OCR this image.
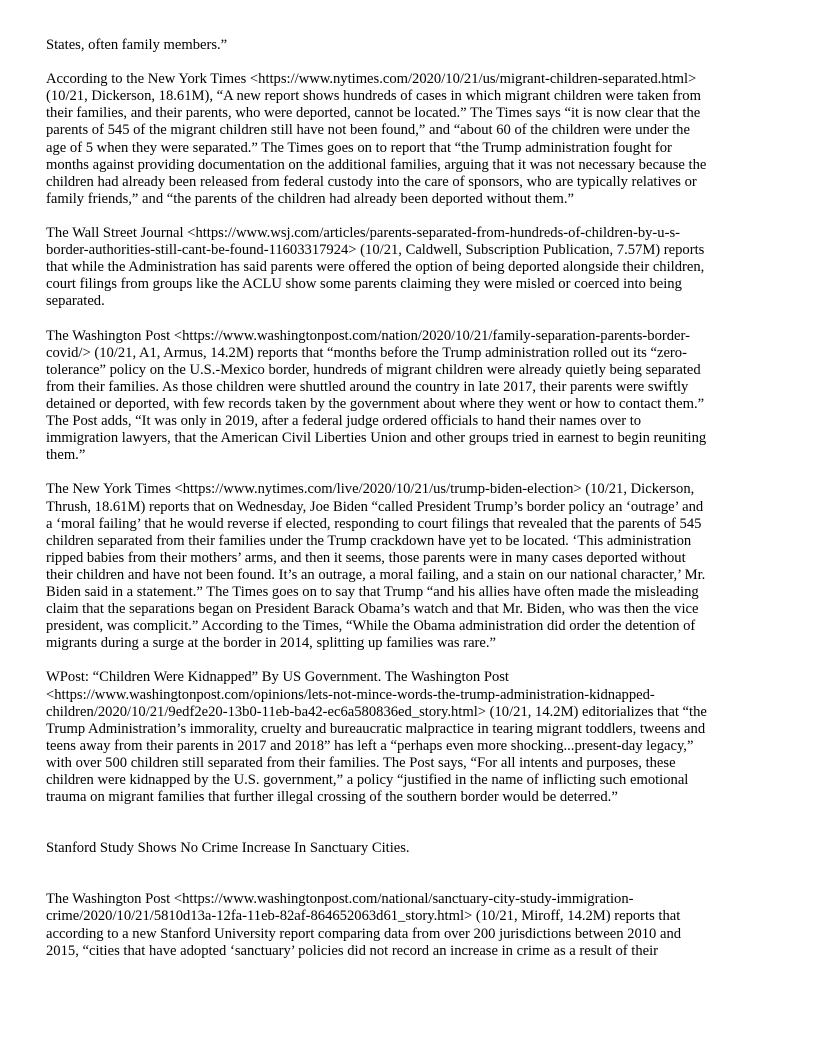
States, often family members.”

According to the New York Times <https://www.nytimes.com/2020/10/21/us/migrant-children-separated.html>
(10/21, Dickerson, 18.61M), “A new report shows hundreds of cases in which migrant children were taken from
their families, and their parents, who were deported, cannot be located.” The Times says “it is now clear that the
parents of 545 of the migrant children still have not been found,” and “about 60 of the children were under the
age of 5 when they were separated.” The Times goes on to report that “the Trump administration fought for
months against providing documentation on the additional families, arguing that it was not necessary because the
children had already been released from federal custody into the care of sponsors, who are typically relatives or
family friends,” and “the parents of the children had already been deported without them.”

The Wall Street Journal <https://www.wsj.com/articles/parents-separated-from-hundreds-of-children-by-u-s-
border-authorities-still-cant-be-found-11603317924> (10/21, Caldwell, Subscription Publication, 7.57M) reports
that while the Administration has said parents were offered the option of being deported alongside their children,
court filings from groups like the ACLU show some parents claiming they were misled or coerced into being
separated.

The Washington Post <https://www.washingtonpost.com/nation/2020/10/21/family-separation-parents-border-
covid/> (10/21, A1, Armus, 14.2M) reports that “months before the Trump administration rolled out its “zero-
tolerance” policy on the U.S.-Mexico border, hundreds of migrant children were already quietly being separated
from their families. As those children were shuttled around the country in late 2017, their parents were swiftly
detained or deported, with few records taken by the government about where they went or how to contact them.”
The Post adds, “It was only in 2019, after a federal judge ordered officials to hand their names over to
immigration lawyers, that the American Civil Liberties Union and other groups tried in earnest to begin reuniting
them.”

The New York Times <https://www.nytimes.com/live/2020/10/21/us/trump-biden-election> (10/21, Dickerson,
Thrush, 18.61M) reports that on Wednesday, Joe Biden “called President Trump’s border policy an ‘outrage’ and
a ‘moral failing’ that he would reverse if elected, responding to court filings that revealed that the parents of 545
children separated from their families under the Trump crackdown have yet to be located. ‘This administration
ripped babies from their mothers’ arms, and then it seems, those parents were in many cases deported without
their children and have not been found. It’s an outrage, a moral failing, and a stain on our national character,’ Mr.
Biden said in a statement.” The Times goes on to say that Trump “and his allies have often made the misleading
claim that the separations began on President Barack Obama’s watch and that Mr. Biden, who was then the vice
president, was complicit.” According to the Times, “While the Obama administration did order the detention of
migrants during a surge at the border in 2014, splitting up families was rare.”

WPost: “Children Were Kidnapped” By US Government. The Washington Post
<https://www.washingtonpost.com/opinions/lets-not-mince-words-the-trump-administration-kidnapped-
children/2020/10/21/9edf2e20-13b0-11eb-ba42-ec6a580836ed_story.html> (10/21, 14.2M) editorializes that “the
Trump Administration’s immorality, cruelty and bureaucratic malpractice in tearing migrant toddlers, tweens and
teens away from their parents in 2017 and 2018” has left a “perhaps even more shocking...present-day legacy,”
with over 500 children still separated from their families. The Post says, “For all intents and purposes, these
children were kidnapped by the U.S. government,” a policy “justified in the name of inflicting such emotional
trauma on migrant families that further illegal crossing of the southern border would be deterred.”

Stanford Study Shows No Crime Increase In Sanctuary Cities.

The Washington Post <https://www.washingtonpost.com/national/sanctuary-city-study-immigration-
crime/2020/10/21/5810d13a-12fa-11eb-82af-864652063d61_story.html> (10/21, Miroff, 14.2M) reports that
according to a new Stanford University report comparing data from over 200 jurisdictions between 2010 and
2015, “cities that have adopted ‘sanctuary’ policies did not record an increase in crime as a result of their
